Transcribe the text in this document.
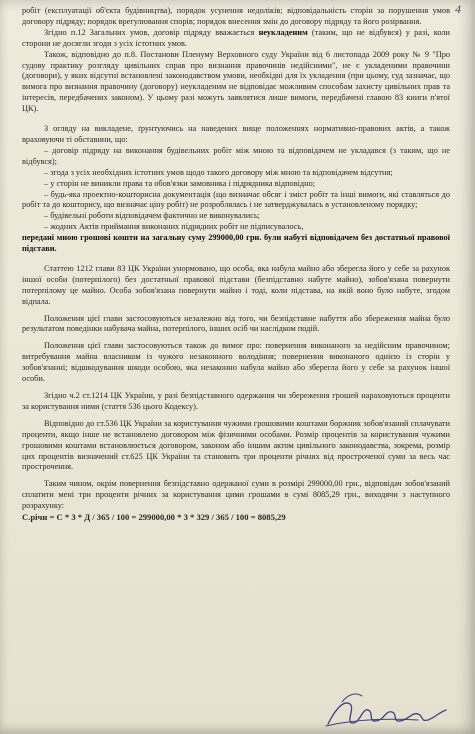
4

робіт (експлуатації об'єкта будівництва), порядок усунення недоліків; відповідальність сторін за порушення умов договору підряду; порядок врегулювання спорів; порядок внесення змін до договору підряду та його розірвання.

Згідно п.12 Загальних умов, договір підряду вважається неукладеним (таким, що не відбувся) у разі, коли сторони не досягли згоди з усіх істотних умов.

Також, відповідно до п.8. Постанови Пленуму Верховного суду України від 6 листопада 2009 року № 9 "Про судову практику розгляду цивільних справ про визнання правочинів недійсними", не є укладеними правочини (договори), у яких відсутні встановлені законодавством умови, необхідні для їх укладення (при цьому, суд зазначає, що вимога про визнання правочину (договору) неукладеним не відповідає можливим способам захисту цивільних прав та інтересів, передбачених законом). У цьому разі можуть заявлятися лише вимоги, передбачені главою 83 книги п'ятої ЦК).

З огляду на викладене, ґрунтуючись на наведених вище положеннях нормативно-правових актів, а також враховуючи ті обставини, що:

– договір підряду на виконання будівельних робіт між мною та відповідачем не укладався (з таким, що не відбувся);

– згода з усіх необхідних істотних умов щодо такого договору між мною та відповідачем відсутня;

– у сторін не виникли права та обов'язки замовника і підрядника відповідно;

– будь-яка проектно-кошторисна документація (що визначає обсяг і зміст робіт та інші вимоги, які ставляться до робіт та до кошторису, що визначає ціну робіт) не розроблялась і не затверджувалась в установленому порядку;

– будівельні роботи відповідачем фактично не виконувались;

– жодних Актів приймання виконаних підрядних робіт не підписувалось,

передані мною грошові кошти на загальну суму 299000,00 грн. були набуті відповідачем без достатньої правової підстави.

Статтею 1212 глави 83 ЦК України унормовано, що особа, яка набула майно або зберегла його у себе за рахунок іншої особи (потерпілого) без достатньої правової підстави (безпідставно набуте майно), зобов'язана повернути потерпілому це майно. Особа зобов'язана повернути майно і тоді, коли підстава, на якій воно було набуте, згодом відпала.

Положення цієї глави застосовуються незалежно від того, чи безпідставне набуття або збереження майна було результатом поведінки набувача майна, потерпілого, інших осіб чи наслідком подій.

Положення цієї глави застосовуються також до вимог про: повернення виконаного за недійсним правочином; витребування майна власником із чужого незаконного володіння; повернення виконаного однією із сторін у зобов'язанні; відшкодування шкоди особою, яка незаконно набула майно або зберегла його у себе за рахунок іншої особи.

Згідно ч.2 ст.1214 ЦК України, у разі безпідставного одержання чи збереження грошей нараховуються проценти за користування ними (стаття 536 цього Кодексу).

Відповідно до ст.536 ЦК України за користування чужими грошовими коштами боржник зобов'язаний сплачувати проценти, якщо інше не встановлено договором між фізичними особами. Розмір процентів за користування чужими грошовими коштами встановлюється договором, законом або іншим актом цивільного законодавства, зокрема, розмір цих процентів визначений ст.625 ЦК України та становить три проценти річних від простроченої суми за весь час прострочення.

Таким чином, окрім повернення безпідставно одержаної суми в розмірі 299000,00 грн., відповідач зобов'язаний сплатити мені три проценти річних за користування цими грошами в сумі 8085,29 грн., виходячи з наступного розрахунку:

С.річн = С * 3 * Д / 365 / 100 = 299000,00 * 3 * 329 / 365 / 100 = 8085,29
